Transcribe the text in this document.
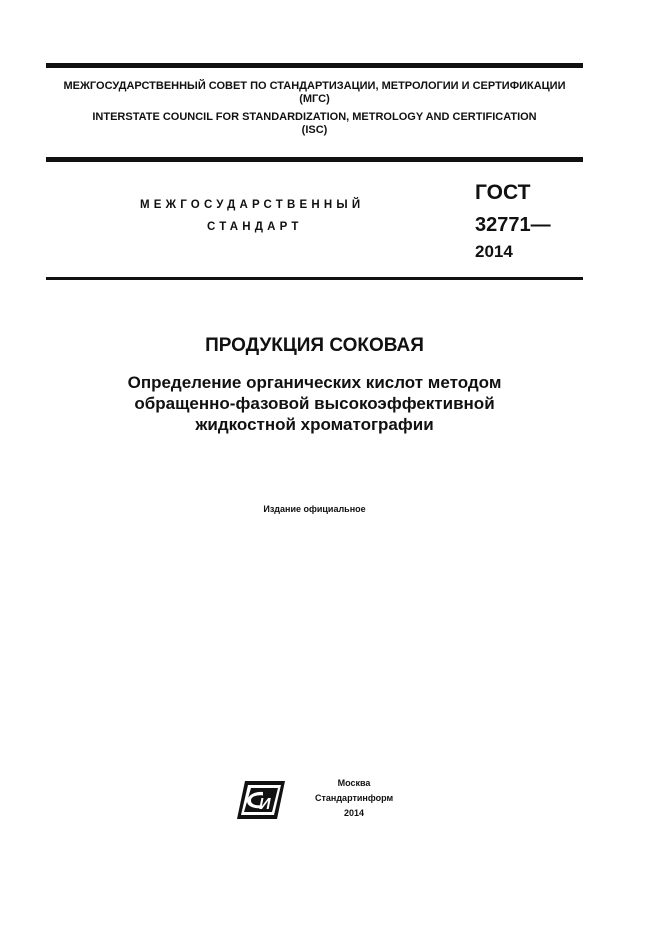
МЕЖГОСУДАРСТВЕННЫЙ СОВЕТ ПО СТАНДАРТИЗАЦИИ, МЕТРОЛОГИИ И СЕРТИФИКАЦИИ
(МГС)
INTERSTATE COUNCIL FOR STANDARDIZATION, METROLOGY AND CERTIFICATION
(ISC)
МЕЖГОСУДАРСТВЕННЫЙ
СТАНДАРТ
ГОСТ
32771—
2014
ПРОДУКЦИЯ СОКОВАЯ
Определение органических кислот методом
обращенно-фазовой высокоэффективной
жидкостной хроматографии
Издание официальное
И
Москва
Стандартинформ
2014
